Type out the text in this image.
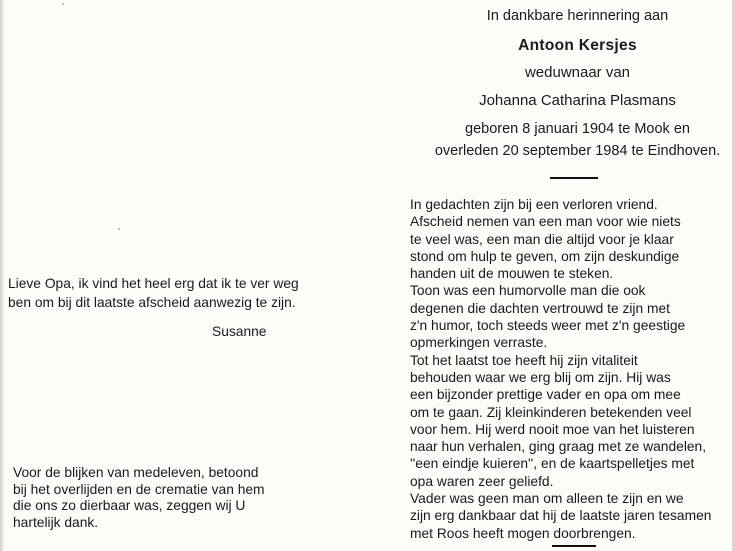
Lieve Opa, ik vind het heel erg dat ik te ver weg
ben om bij dit laatste afscheid aanwezig te zijn.
Susanne
Voor de blijken van medeleven, betoond
bij het overlijden en de crematie van hem
die ons zo dierbaar was, zeggen wij U
hartelijk dank.
In dankbare herinnering aan
Antoon Kersjes
weduwnaar van
Johanna Catharina Plasmans
geboren 8 januari 1904 te Mook en
overleden 20 september 1984 te Eindhoven.
In gedachten zijn bij een verloren vriend.
Afscheid nemen van een man voor wie niets
te veel was, een man die altijd voor je klaar
stond om hulp te geven, om zijn deskundige
handen uit de mouwen te steken.
Toon was een humorvolle man die ook
degenen die dachten vertrouwd te zijn met
z'n humor, toch steeds weer met z'n geestige
opmerkingen verraste.
Tot het laatst toe heeft hij zijn vitaliteit
behouden waar we erg blij om zijn. Hij was
een bijzonder prettige vader en opa om mee
om te gaan. Zij kleinkinderen betekenden veel
voor hem. Hij werd nooit moe van het luisteren
naar hun verhalen, ging graag met ze wandelen,
''een eindje kuieren'', en de kaartspelletjes met
opa waren zeer geliefd.
Vader was geen man om alleen te zijn en we
zijn erg dankbaar dat hij de laatste jaren tesamen
met Roos heeft mogen doorbrengen.
